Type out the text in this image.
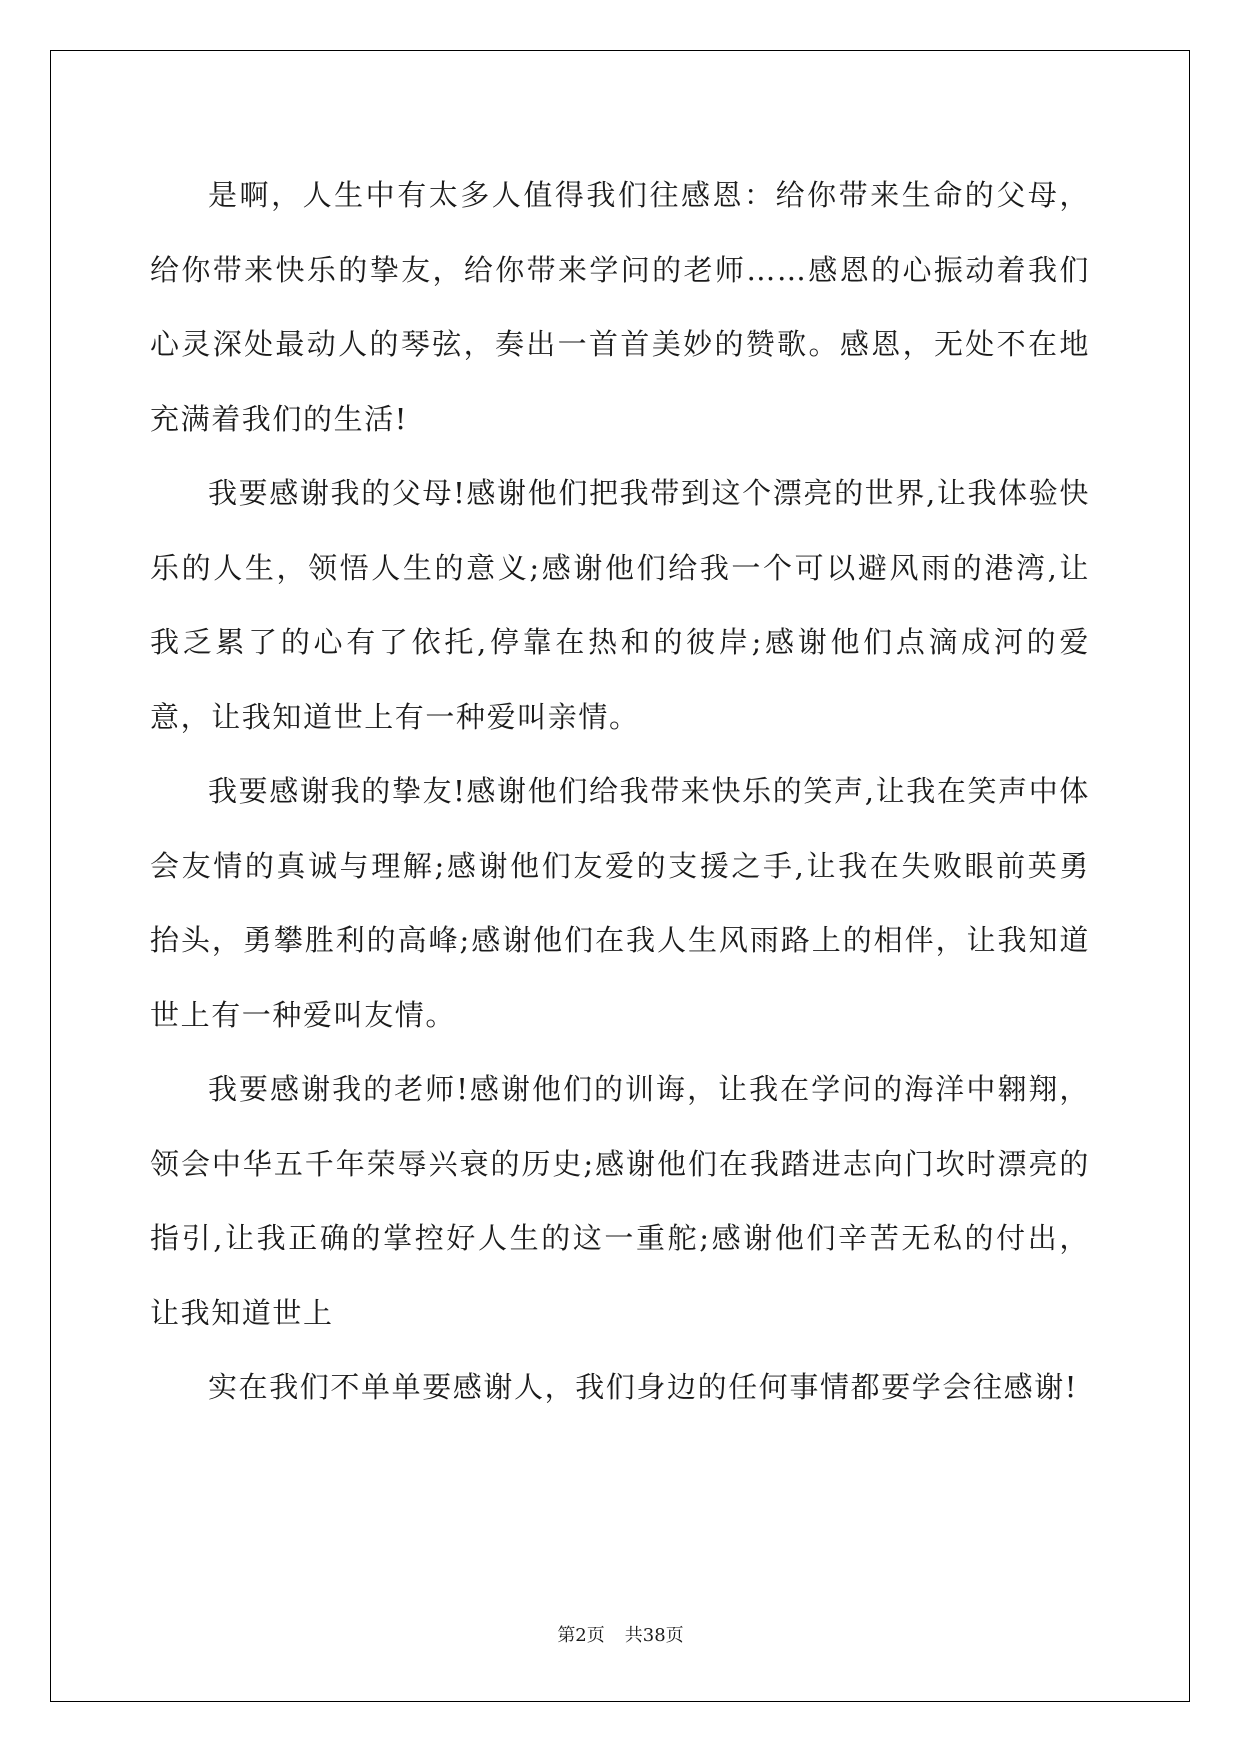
是啊，人生中有太多人值得我们往感恩：给你带来生命的父母，给你带来快乐的挚友，给你带来学问的老师……感恩的心振动着我们心灵深处最动人的琴弦，奏出一首首美妙的赞歌。感恩，无处不在地充满着我们的生活!

我要感谢我的父母!感谢他们把我带到这个漂亮的世界,让我体验快乐的人生，领悟人生的意义;感谢他们给我一个可以避风雨的港湾,让我乏累了的心有了依托,停靠在热和的彼岸;感谢他们点滴成河的爱意，让我知道世上有一种爱叫亲情。

我要感谢我的挚友!感谢他们给我带来快乐的笑声,让我在笑声中体会友情的真诚与理解;感谢他们友爱的支援之手,让我在失败眼前英勇抬头，勇攀胜利的高峰;感谢他们在我人生风雨路上的相伴，让我知道世上有一种爱叫友情。

我要感谢我的老师!感谢他们的训诲，让我在学问的海洋中翱翔，领会中华五千年荣辱兴衰的历史;感谢他们在我踏进志向门坎时漂亮的指引,让我正确的掌控好人生的这一重舵;感谢他们辛苦无私的付出，让我知道世上

实在我们不单单要感谢人，我们身边的任何事情都要学会往感谢!

第2页 共38页
